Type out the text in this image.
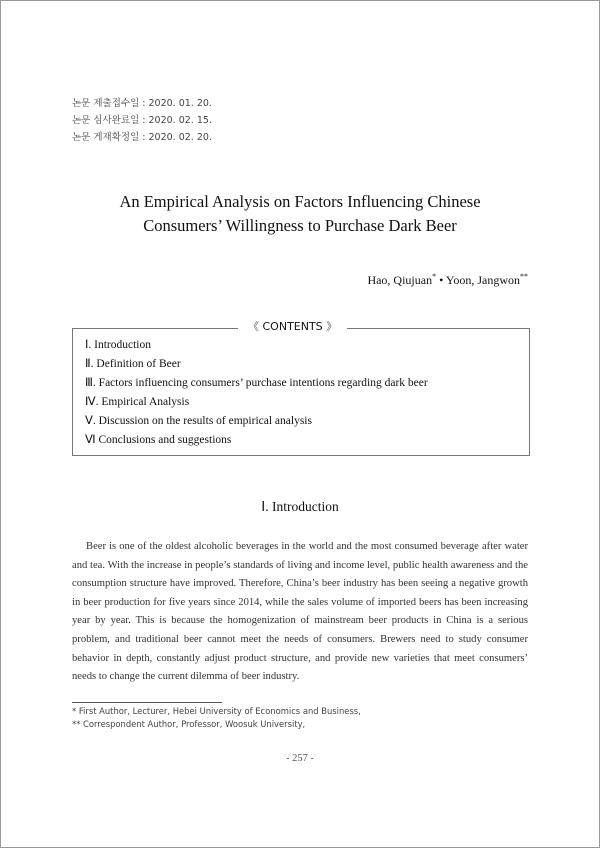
논문 제출접수일 : 2020. 01. 20.
논문 심사완료일 : 2020. 02. 15.
논문 게재확정일 : 2020. 02. 20.
An Empirical Analysis on Factors Influencing Chinese
Consumers’ Willingness to Purchase Dark Beer
Hao, Qiujuan* • Yoon, Jangwon**
《 CONTENTS 》
Ⅰ. Introduction
Ⅱ. Definition of Beer
Ⅲ. Factors influencing consumers’ purchase intentions regarding dark beer
Ⅳ. Empirical Analysis
Ⅴ. Discussion on the results of empirical analysis
Ⅵ Conclusions and suggestions
Ⅰ. Introduction

Beer is one of the oldest alcoholic beverages in the world and the most consumed beverage after water and tea. With the increase in people’s standards of living and income level, public health awareness and the consumption structure have improved. Therefore, China’s beer industry has been seeing a negative growth in beer production for five years since 2014, while the sales volume of imported beers has been increasing year by year. This is because the homogenization of mainstream beer products in China is a serious problem, and traditional beer cannot meet the needs of consumers. Brewers need to study consumer behavior in depth, constantly adjust product structure, and provide new varieties that meet consumers’ needs to change the current dilemma of beer industry.

* First Author, Lecturer, Hebei University of Economics and Business,
** Correspondent Author, Professor, Woosuk University,
- 257 -
